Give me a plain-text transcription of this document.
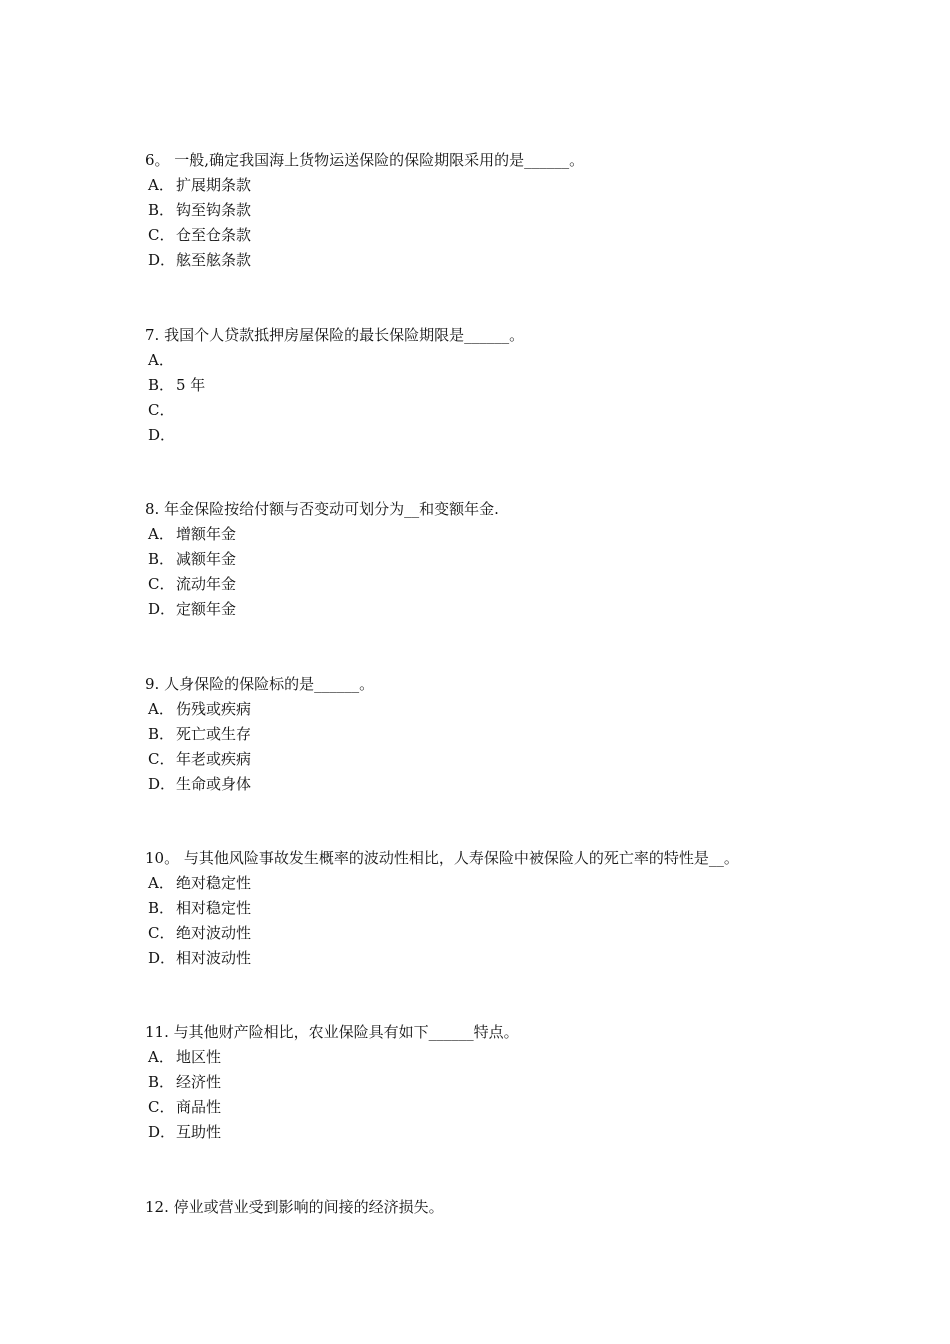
6。 一般,确定我国海上货物运送保险的保险期限采用的是______。

A． 扩展期条款

B． 钩至钩条款

C． 仓至仓条款

D．舷至舷条款

7. 我国个人贷款抵押房屋保险的最长保险期限是______。

A．

B． 5 年

C．

D．

8. 年金保险按给付额与否变动可划分为__和变额年金.

A． 增额年金

B． 减额年金

C． 流动年金

D．定额年金

9. 人身保险的保险标的是______。

A． 伤残或疾病

B． 死亡或生存

C． 年老或疾病

D．生命或身体

10。 与其他风险事故发生概率的波动性相比，人寿保险中被保险人的死亡率的特性是__。

A． 绝对稳定性

B． 相对稳定性

C． 绝对波动性

D．相对波动性

11. 与其他财产险相比，农业保险具有如下______特点。

A． 地区性

B． 经济性

C． 商品性

D．互助性

12. 停业或营业受到影响的间接的经济损失。
